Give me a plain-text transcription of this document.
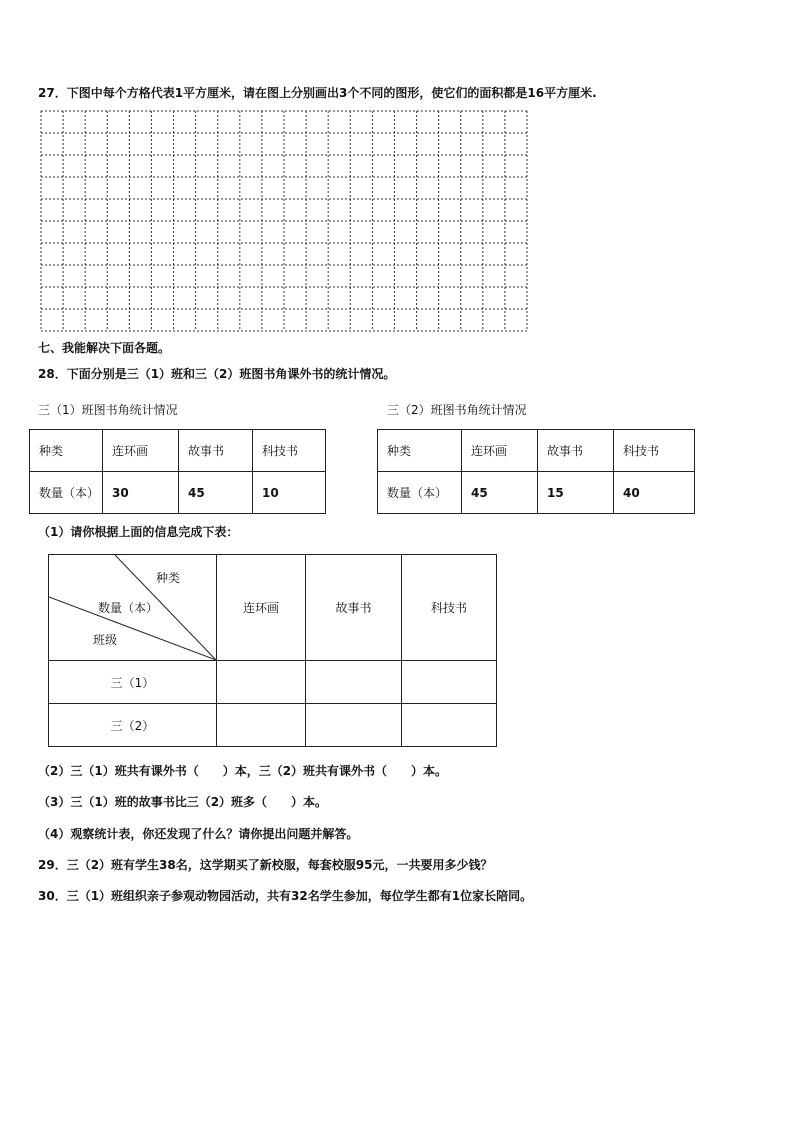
27．下图中每个方格代表1平方厘米，请在图上分别画出3个不同的图形，使它们的面积都是16平方厘米.
七、我能解决下面各题。
28．下面分别是三（1）班和三（2）班图书角课外书的统计情况。
三（1）班图书角统计情况
种类	连环画	故事书	科技书
数量（本）	30	45	10
三（2）班图书角统计情况
种类	连环画	故事书	科技书
数量（本）	45	15	40
（1）请你根据上面的信息完成下表：
种类
数量（本）
班级	连环画	故事书	科技书
三（1）			
三（2）			
（2）三（1）班共有课外书（　　）本，三（2）班共有课外书（　　）本。
（3）三（1）班的故事书比三（2）班多（　　）本。
（4）观察统计表，你还发现了什么？请你提出问题并解答。
29．三（2）班有学生38名，这学期买了新校服，每套校服95元，一共要用多少钱？
30．三（1）班组织亲子参观动物园活动，共有32名学生参加，每位学生都有1位家长陪同。
